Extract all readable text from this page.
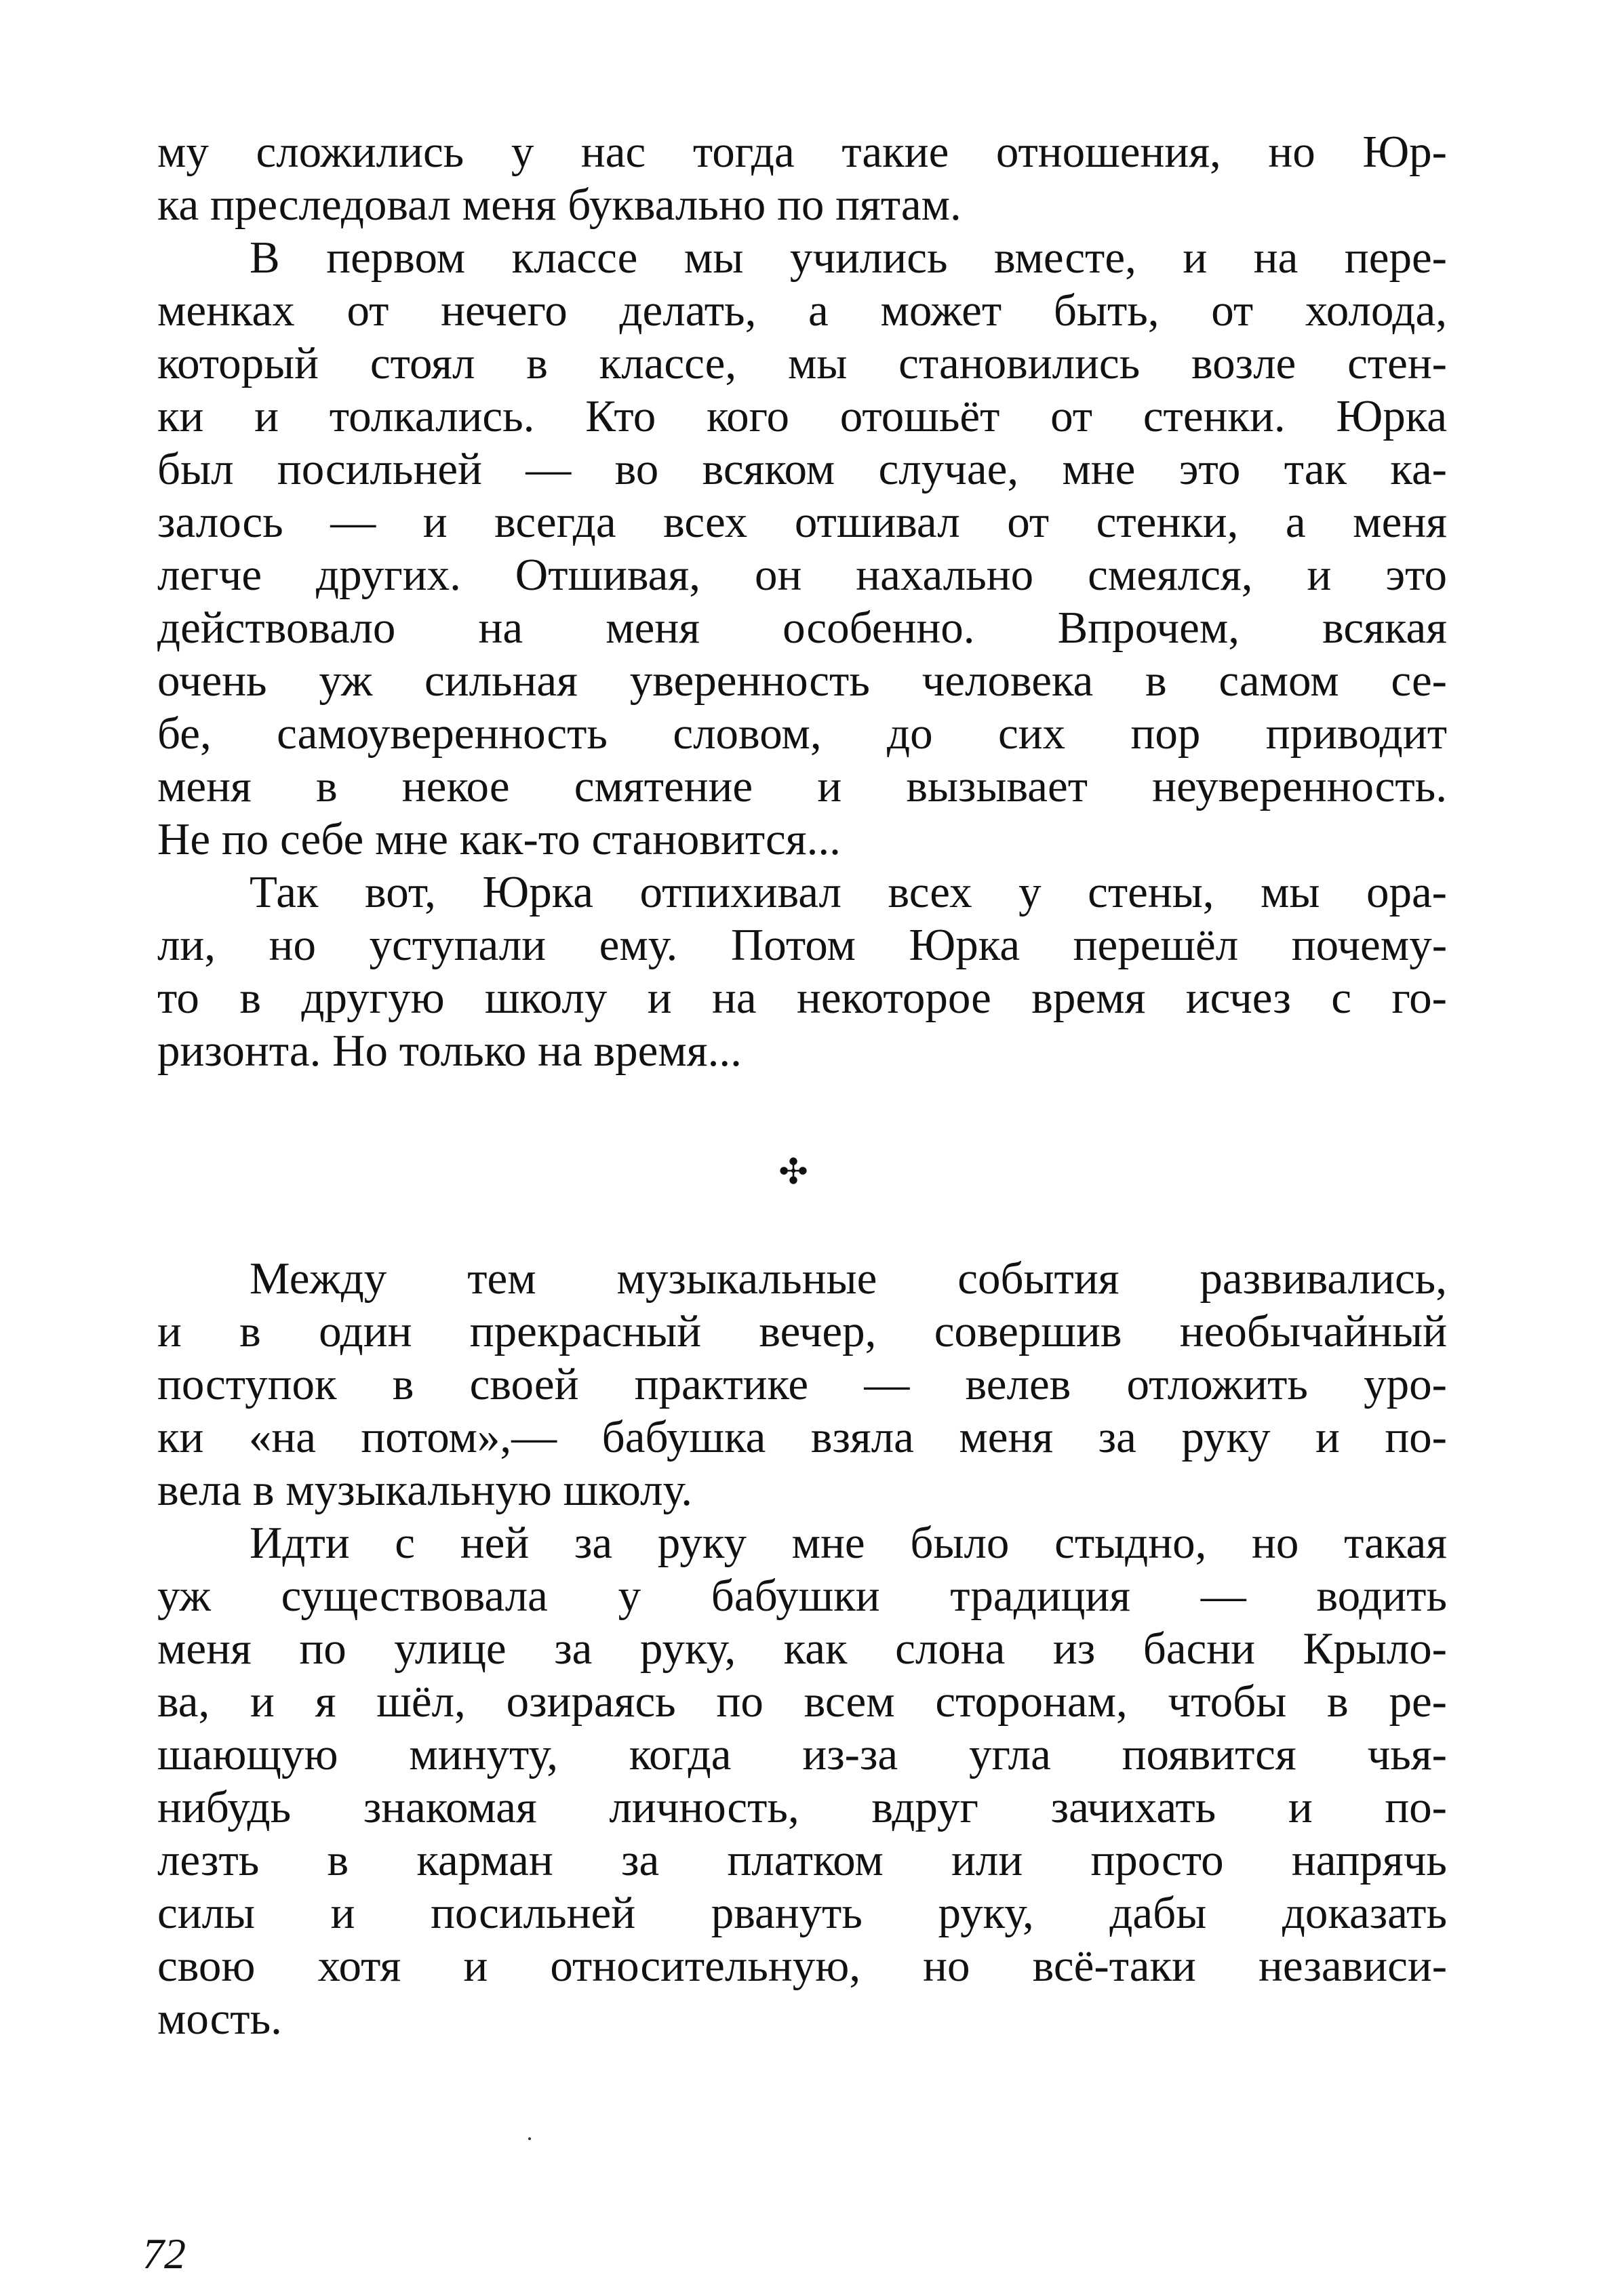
му сложились у нас тогда такие отношения, но Юр-
ка преследовал меня буквально по пятам.
В первом классе мы учились вместе, и на пере-
менках от нечего делать, а может быть, от холода,
который стоял в классе, мы становились возле стен-
ки и толкались. Кто кого отошьёт от стенки. Юрка
был посильней — во всяком случае, мне это так ка-
залось — и всегда всех отшивал от стенки, а меня
легче других. Отшивая, он нахально смеялся, и это
действовало на меня особенно. Впрочем, всякая
очень уж сильная уверенность человека в самом се-
бе, самоуверенность словом, до сих пор приводит
меня в некое смятение и вызывает неуверенность.
Не по себе мне как-то становится...
Так вот, Юрка отпихивал всех у стены, мы ора-
ли, но уступали ему. Потом Юрка перешёл почему-
то в другую школу и на некоторое время исчез с го-
ризонта. Но только на время...
✣
Между тем музыкальные события развивались,
и в один прекрасный вечер, совершив необычайный
поступок в своей практике — велев отложить уро-
ки «на потом»,— бабушка взяла меня за руку и по-
вела в музыкальную школу.
Идти с ней за руку мне было стыдно, но такая
уж существовала у бабушки традиция — водить
меня по улице за руку, как слона из басни Крыло-
ва, и я шёл, озираясь по всем сторонам, чтобы в ре-
шающую минуту, когда из-за угла появится чья-
нибудь знакомая личность, вдруг зачихать и по-
лезть в карман за платком или просто напрячь
силы и посильней рвануть руку, дабы доказать
свою хотя и относительную, но всё-таки независи-
мость.
72
